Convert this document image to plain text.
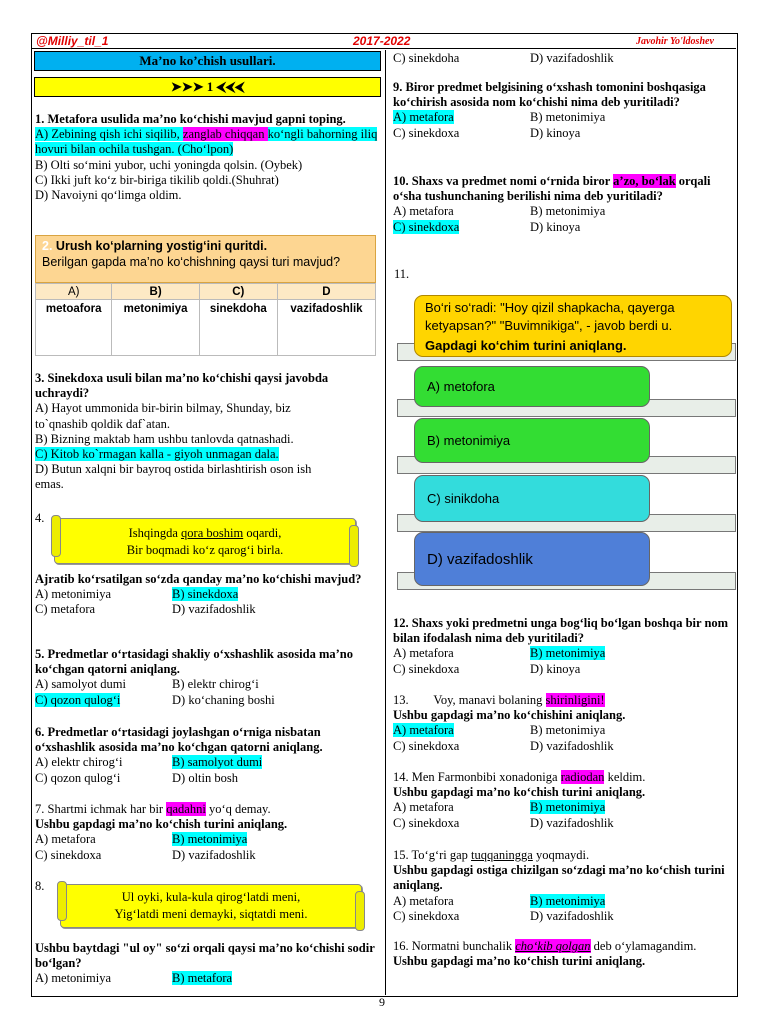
@Milliy_til_1	2017-2022	Javohir Yo'ldoshev
Ma’no ko’chish usullari.
➤➤➤ 1 ⮜⮜⮜
1. Metafora usulida ma’no ko‘chishi mavjud gapni toping.
A) Zebining qish ichi siqilib, zanglab chiqqan ko‘ngli bahorning iliq hovuri bilan ochila tushgan. (Cho‘lpon)
B) Olti so‘mini yubor, uchi yoningda qolsin. (Oybek)
C) Ikki juft ko‘z bir-biriga tikilib qoldi.(Shuhrat)
D) Navoiyni qo‘limga oldim.
2. Urush ko‘plarning yostig‘ini quritdi.
Berilgan gapda ma’no ko‘chishning qaysi turi mavjud?
A)	B)	C)	D
metoaforа	metonimiya	sinekdoha	vazifadoshlik
3. Sinekdoxa usuli bilan ma’no ko‘chishi qaysi javobda uchraydi?
A) Hayot ummonida bir-birin bilmay, Shunday, biz
to`qnashib qoldik daf`atan.
B) Bizning maktab ham ushbu tanlovda qatnashadi.
C) Kitob ko`rmagan kalla - giyoh unmagan dala.
D) Butun xalqni bir bayroq ostida birlashtirish oson ish
emas.
4.
Ishqingda qora boshim oqardi,
Bir boqmadi ko‘z qarog‘i birla.
Ajratib ko‘rsatilgan so‘zda qanday ma’no ko‘chishi mavjud?
A) metonimiya	B) sinekdoxa
C) metafora	D) vazifadoshlik
5. Predmetlar o‘rtasidagi shakliy o‘xshashlik asosida ma’no ko‘chgan qatorni aniqlang.
A) samolyot dumi	B) elektr chirog‘i
C) qozon qulog‘i	D) ko‘chaning boshi
6. Predmetlar o‘rtasidagi joylashgan o‘rniga nisbatan o‘xshashlik asosida ma’no ko‘chgan qatorni aniqlang.
A) elektr chirog‘i	B) samolyot dumi
C) qozon qulog‘i	D) oltin bosh
7. Shartmi ichmak har bir qadahni yo‘q demay.
Ushbu gapdagi ma’no ko‘chish turini aniqlang.
A) metafora	B) metonimiya
C) sinekdoxa	D) vazifadoshlik
8.
Ul oyki, kula-kula qirog‘latdi meni,
Yig‘latdi meni demayki, siqtatdi meni.
Ushbu baytdagi "ul oy" so‘zi orqali qaysi ma’no ko‘chishi sodir bo‘lgan?
A) metonimiya	B) metafora
C) sinekdoha	D) vazifadoshlik
9. Biror predmet belgisining o‘xshash tomonini boshqasiga ko‘chirish asosida nom ko‘chishi nima deb yuritiladi?
A) metafora	B) metonimiya
C) sinekdoxa	D) kinoya
10. Shaxs va predmet nomi o‘rnida biror a’zo, bo‘lak orqali o‘sha tushunchaning berilishi nima deb yuritiladi?
A) metafora	B) metonimiya
C) sinekdoxa	D) kinoya
11.
Bo‘ri so‘radi: "Hoy qizil shapkacha, qayerga ketyapsan?" "Buvimnikiga", - javob berdi u.
Gapdagi ko‘chim turini aniqlang.
A) metofora
B) metonimiya
C) sinikdoha
D) vazifadoshlik
12. Shaxs yoki predmetni unga bog‘liq bo‘lgan boshqa bir nom bilan ifodalash nima deb yuritiladi?
A) metafora	B) metonimiya
C) sinekdoxa	D) kinoya
13.        Voy, manavi bolaning shirinligini!
Ushbu gapdagi ma’no ko‘chishini aniqlang.
A) metafora	B) metonimiya
C) sinekdoxa	D) vazifadoshlik
14. Men Farmonbibi xonadoniga radiodan keldim.
Ushbu gapdagi ma’no ko‘chish turini aniqlang.
A) metafora	B) metonimiya
C) sinekdoxa	D) vazifadoshlik
15. To‘g‘ri gap tuqqaningga yoqmaydi.
Ushbu gapdagi ostiga chizilgan so‘zdagi ma’no ko‘chish turini aniqlang.
A) metafora	B) metonimiya
C) sinekdoxa	D) vazifadoshlik
16. Normatni bunchalik cho‘kib qolgan deb o‘ylamagandim.
Ushbu gapdagi ma’no ko‘chish turini aniqlang.
9
